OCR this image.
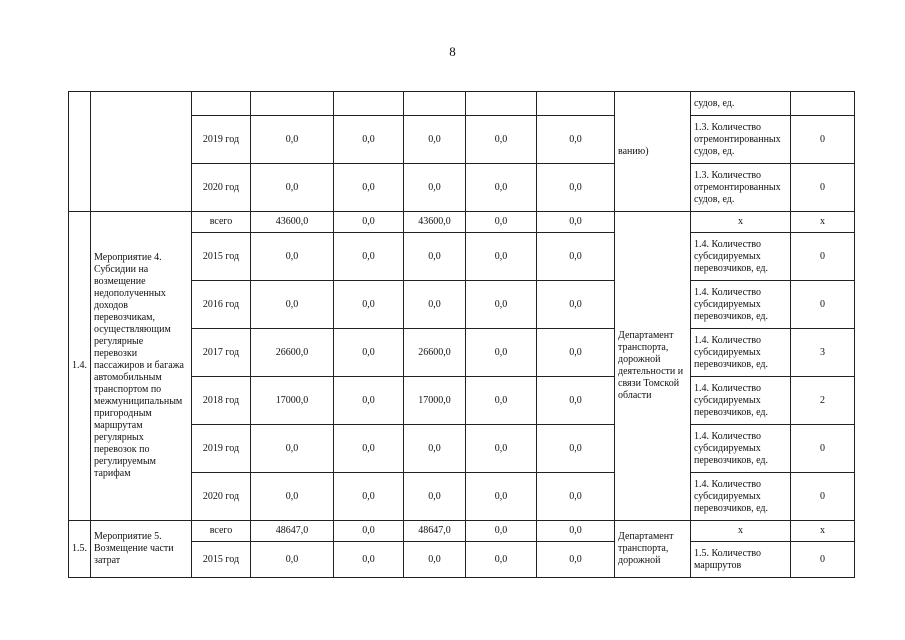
8
								ванию)	судов, ед.	
		2019 год	0,0	0,0	0,0	0,0	0,0		1.3. Количество отремонтированных судов, ед.	0
		2020 год	0,0	0,0	0,0	0,0	0,0		1.3. Количество отремонтированных судов, ед.	0
1.4.	Мероприятие 4. Субсидии на возмещение недополученных доходов перевозчикам, осуществляющим регулярные перевозки пассажиров и багажа автомобильным транспортом по межмуниципальным пригородным маршрутам регулярных перевозок по регулируемым тарифам	всего	43600,0	0,0	43600,0	0,0	0,0	Департамент транспорта, дорожной деятельности и связи Томской области	x	x
		2015 год	0,0	0,0	0,0	0,0	0,0		1.4. Количество субсидируемых перевозчиков, ед.	0
		2016 год	0,0	0,0	0,0	0,0	0,0		1.4. Количество субсидируемых перевозчиков, ед.	0
		2017 год	26600,0	0,0	26600,0	0,0	0,0		1.4. Количество субсидируемых перевозчиков, ед.	3
		2018 год	17000,0	0,0	17000,0	0,0	0,0		1.4. Количество субсидируемых перевозчиков, ед.	2
		2019 год	0,0	0,0	0,0	0,0	0,0		1.4. Количество субсидируемых перевозчиков, ед.	0
		2020 год	0,0	0,0	0,0	0,0	0,0		1.4. Количество субсидируемых перевозчиков, ед.	0
1.5.	Мероприятие 5. Возмещение части затрат	всего	48647,0	0,0	48647,0	0,0	0,0	Департамент транспорта, дорожной	x	x
		2015 год	0,0	0,0	0,0	0,0	0,0		1.5. Количество маршрутов	0
